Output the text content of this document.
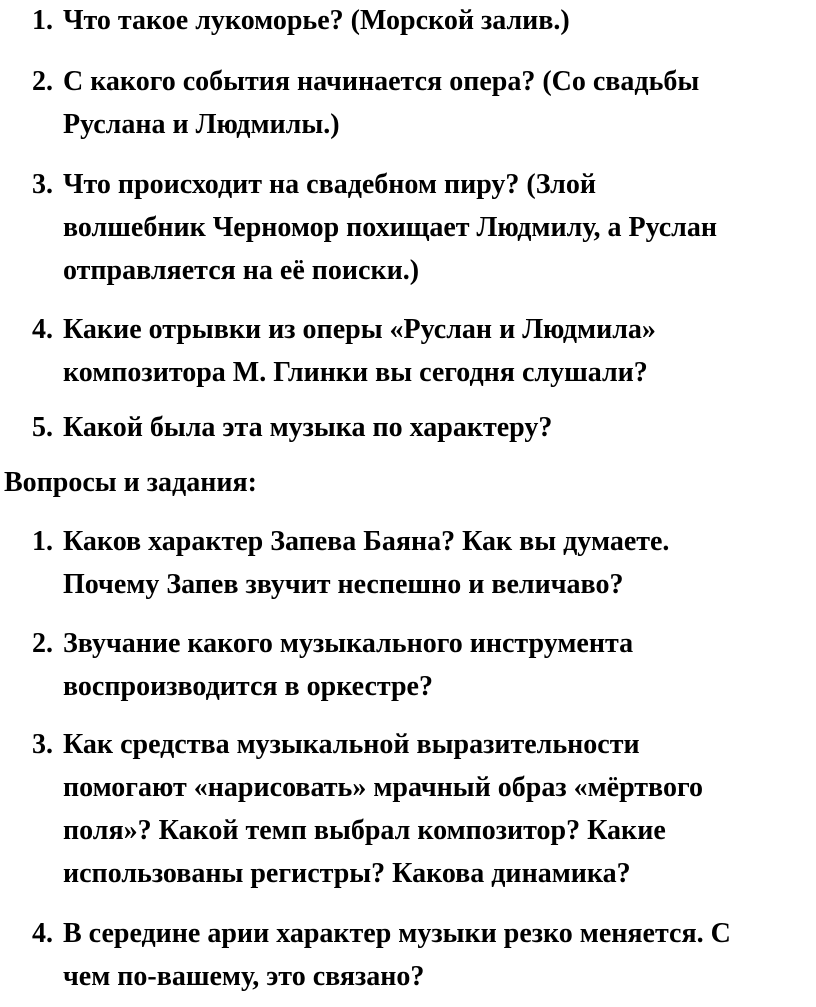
1. Что такое лукоморье? (Морской залив.)
2. С какого события начинается опера? (Со свадьбы
Руслана и Людмилы.)
3. Что происходит на свадебном пиру? (Злой
волшебник Черномор похищает Людмилу, а Руслан
отправляется на её поиски.)
4. Какие отрывки из оперы «Руслан и Людмила»
композитора М. Глинки вы сегодня слушали?
5. Какой была эта музыка по характеру?
Вопросы и задания:
1. Каков характер Запева Баяна? Как вы думаете.
Почему Запев звучит неспешно и величаво?
2. Звучание какого музыкального инструмента
воспроизводится в оркестре?
3. Как средства музыкальной выразительности
помогают «нарисовать» мрачный образ «мёртвого
поля»? Какой темп выбрал композитор? Какие
использованы регистры? Какова динамика?
4. В середине арии характер музыки резко меняется. С
чем по-вашему, это связано?
